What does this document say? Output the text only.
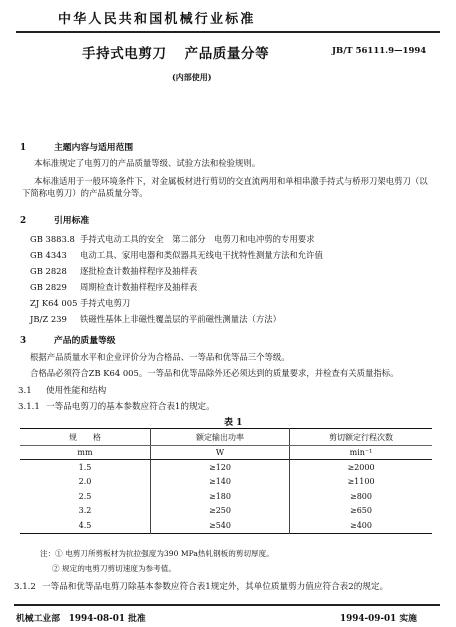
中华人民共和国机械行业标准
JB/T 56111.9—1994
手持式电剪刀 产品质量分等
(内部使用)
1	主题内容与适用范围
本标准规定了电剪刀的产品质量等级、试验方法和检验规则。
本标准适用于一般环境条件下，对金属板材进行剪切的交直流两用和单相串激手持式与桥形刀架电剪刀（以下简称电剪刀）的产品质量分等。
2	引用标准
GB 3883.8 手持式电动工具的安全　第二部分　电剪刀和电冲剪的专用要求
GB 4343 电动工具、家用电器和类似器具无线电干扰特性测量方法和允许值
GB 2828 逐批检查计数抽样程序及抽样表
GB 2829 周期检查计数抽样程序及抽样表
ZJ K64 005 手持式电剪刀
JB/Z 239 铁磁性基体上非磁性覆盖层的平前磁性测量法（方法）
3	产品的质量等级
根据产品质量水平和企业评价分为合格品、一等品和优等品三个等级。
合格品必须符合ZB K64 005。一等品和优等品除外还必须达到的质量要求，并检查有关质量指标。
3.1 使用性能和结构
3.1.1 一等品电剪刀的基本参数应符合表1的规定。
表 1
规　　格	额定输出功率	剪切额定行程次数
mm	W	min⁻¹
1.5	≥120	≥2000
2.0	≥140	≥1100
2.5	≥180	≥800
3.2	≥250	≥650
4.5	≥540	≥400
注：① 电剪刀所剪板材为抗拉强度为390 MPa热轧钢板的剪切厚度。
② 规定的电剪刀剪切速度为参考值。
3.1.2 一等品和优等品电剪刀除基本参数应符合表1规定外，其单位质量剪力值应符合表2的规定。
机械工业部　1994-08-01 批准	1994-09-01 实施
